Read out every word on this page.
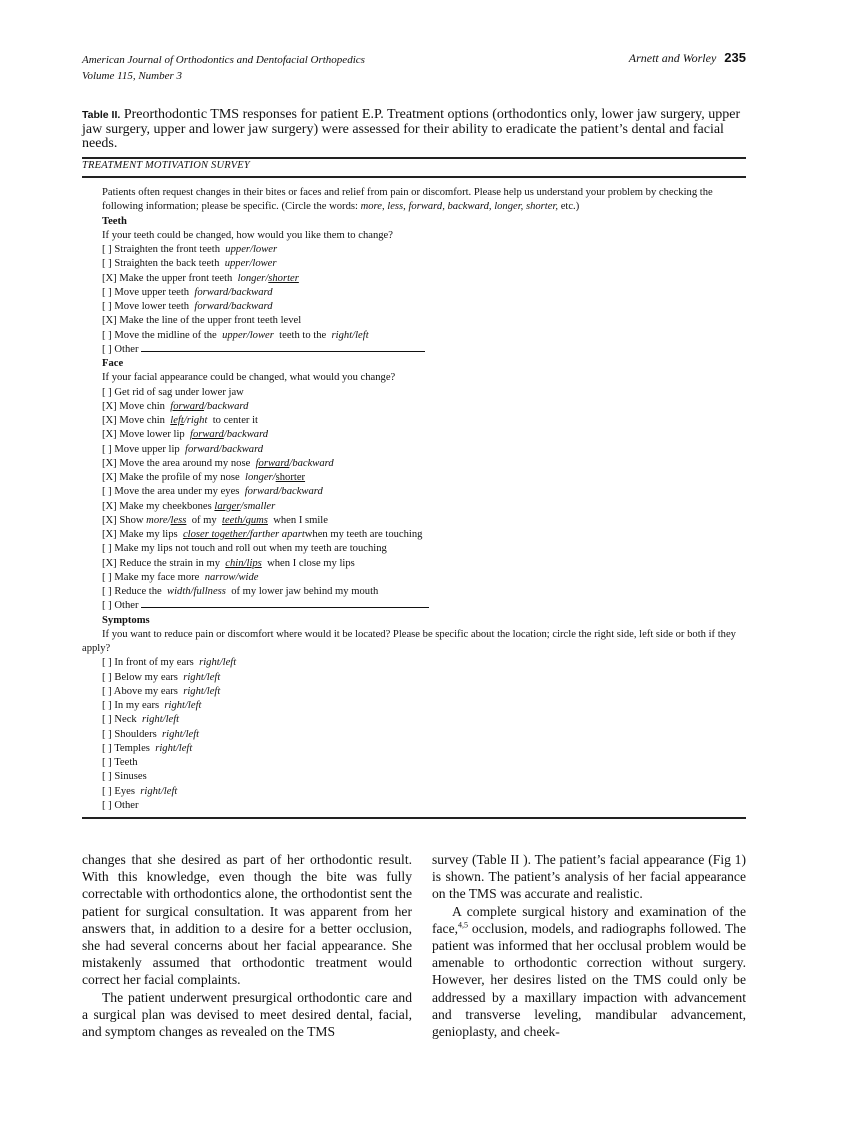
American Journal of Orthodontics and Dentofacial Orthopedics
Volume 115, Number 3
Arnett and Worley 235
Table II. Preorthodontic TMS responses for patient E.P. Treatment options (orthodontics only, lower jaw surgery, upper jaw surgery, upper and lower jaw surgery) were assessed for their ability to eradicate the patient’s dental and facial needs.
TREATMENT MOTIVATION SURVEY

Patients often request changes in their bites or faces and relief from pain or discomfort. Please help us understand your problem by checking the following information; please be specific. (Circle the words: more, less, forward, backward, longer, shorter, etc.)

Teeth

If your teeth could be changed, how would you like them to change?

[ ] Straighten the front teeth upper/lower

[ ] Straighten the back teeth upper/lower

[X] Make the upper front teeth longer/shorter

[ ] Move upper teeth forward/backward

[ ] Move lower teeth forward/backward

[X] Make the line of the upper front teeth level

[ ] Move the midline of the upper/lower teeth to the right/left

[ ] Other

Face

If your facial appearance could be changed, what would you change?

[ ] Get rid of sag under lower jaw

[X] Move chin forward/backward

[X] Move chin left/right to center it

[X] Move lower lip forward/backward

[ ] Move upper lip forward/backward

[X] Move the area around my nose forward/backward

[X] Make the profile of my nose longer/shorter

[ ] Move the area under my eyes forward/backward

[X] Make my cheekbones larger/smaller

[X] Show more/less of my teeth/gums when I smile

[X] Make my lips closer together/farther apartwhen my teeth are touching

[ ] Make my lips not touch and roll out when my teeth are touching

[X] Reduce the strain in my chin/lips when I close my lips

[ ] Make my face more narrow/wide

[ ] Reduce the width/fullness of my lower jaw behind my mouth

[ ] Other

Symptoms

If you want to reduce pain or discomfort where would it be located? Please be specific about the location; circle the right side, left side or both if they apply?

[ ] In front of my ears right/left

[ ] Below my ears right/left

[ ] Above my ears right/left

[ ] In my ears right/left

[ ] Neck right/left

[ ] Shoulders right/left

[ ] Temples right/left

[ ] Teeth

[ ] Sinuses

[ ] Eyes right/left

[ ] Other

changes that she desired as part of her orthodontic result. With this knowledge, even though the bite was fully correctable with orthodontics alone, the orthodontist sent the patient for surgical consultation. It was apparent from her answers that, in addition to a desire for a better occlusion, she had several concerns about her facial appearance. She mistakenly assumed that orthodontic treatment would correct her facial complaints.

The patient underwent presurgical orthodontic care and a surgical plan was devised to meet desired dental, facial, and symptom changes as revealed on the TMS

survey (Table II ). The patient’s facial appearance (Fig 1) is shown. The patient’s analysis of her facial appearance on the TMS was accurate and realistic.

A complete surgical history and examination of the face,$^{4,5}$ occlusion, models, and radiographs followed. The patient was informed that her occlusal problem would be amenable to orthodontic correction without surgery. However, her desires listed on the TMS could only be addressed by a maxillary impaction with advancement and transverse leveling, mandibular advancement, genioplasty, and cheek-
